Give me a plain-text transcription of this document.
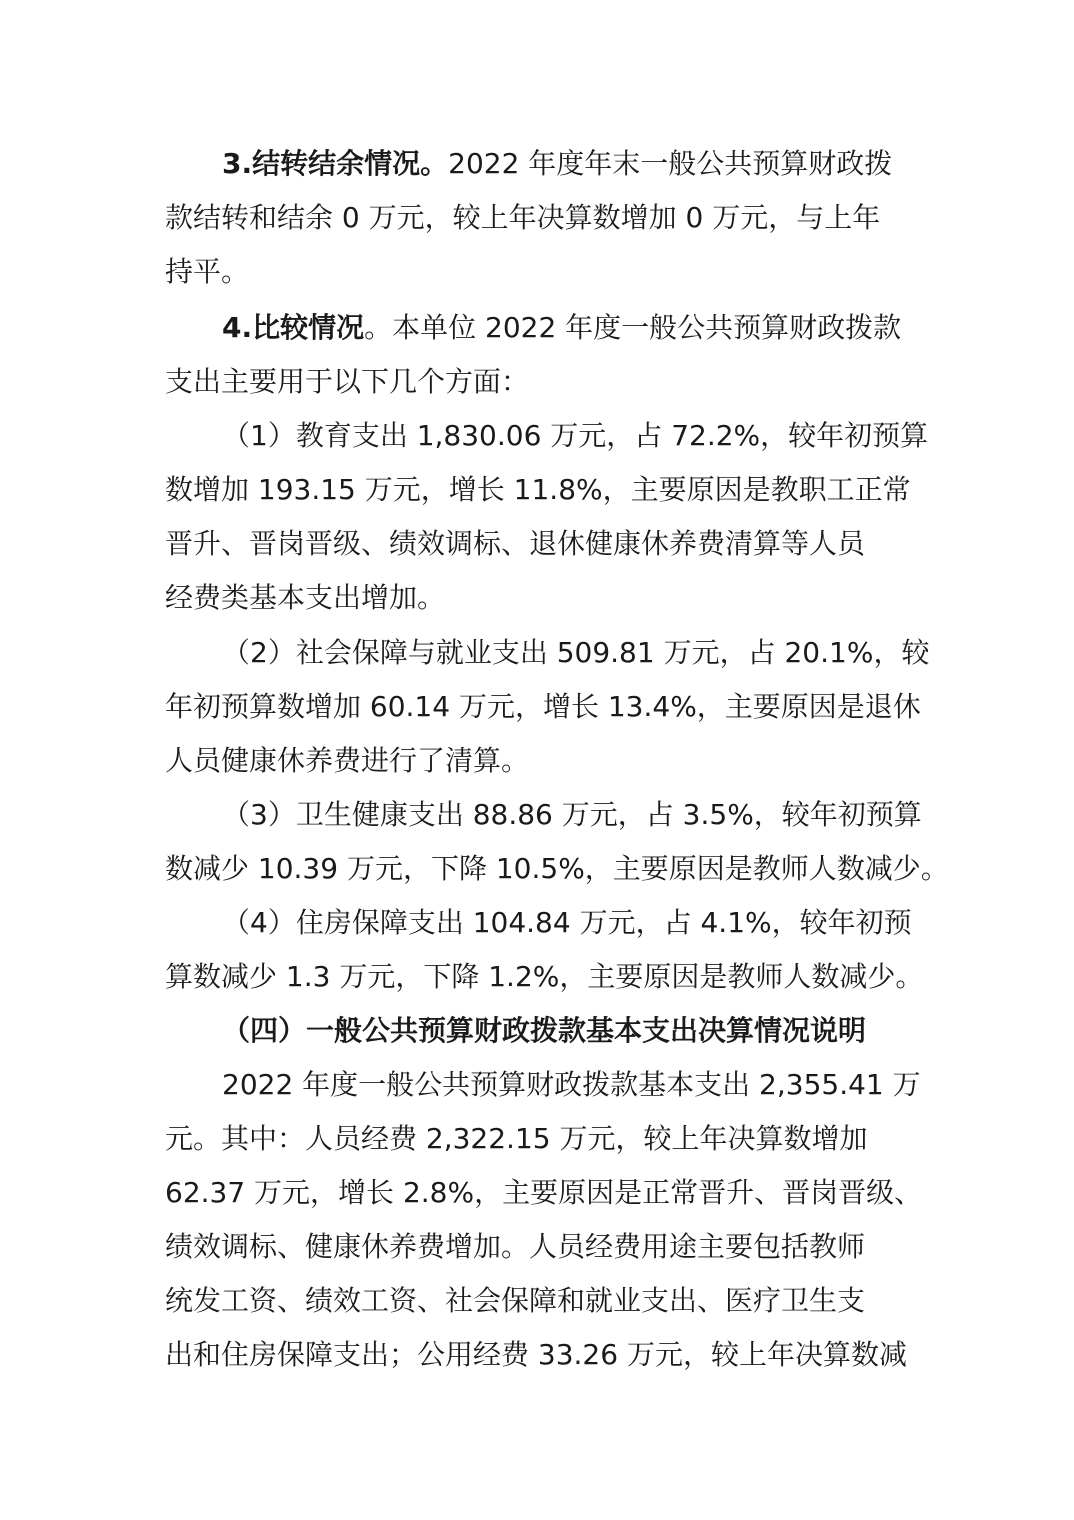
3.结转结余情况。2022 年度年末一般公共预算财政拨
款结转和结余 0 万元，较上年决算数增加 0 万元，与上年
持平。
4.比较情况。本单位 2022 年度一般公共预算财政拨款
支出主要用于以下几个方面：
（1）教育支出 1,830.06 万元，占 72.2%，较年初预算
数增加 193.15 万元，增长 11.8%，主要原因是教职工正常
晋升、晋岗晋级、绩效调标、退休健康休养费清算等人员
经费类基本支出增加。
（2）社会保障与就业支出 509.81 万元，占 20.1%，较
年初预算数增加 60.14 万元，增长 13.4%，主要原因是退休
人员健康休养费进行了清算。
（3）卫生健康支出 88.86 万元，占 3.5%，较年初预算
数减少 10.39 万元，下降 10.5%，主要原因是教师人数减少。
（4）住房保障支出 104.84 万元，占 4.1%，较年初预
算数减少 1.3 万元，下降 1.2%，主要原因是教师人数减少。
（四）一般公共预算财政拨款基本支出决算情况说明
2022 年度一般公共预算财政拨款基本支出 2,355.41 万
元。其中：人员经费 2,322.15 万元，较上年决算数增加
62.37 万元，增长 2.8%，主要原因是正常晋升、晋岗晋级、
绩效调标、健康休养费增加。人员经费用途主要包括教师
统发工资、绩效工资、社会保障和就业支出、医疗卫生支
出和住房保障支出；公用经费 33.26 万元，较上年决算数减
